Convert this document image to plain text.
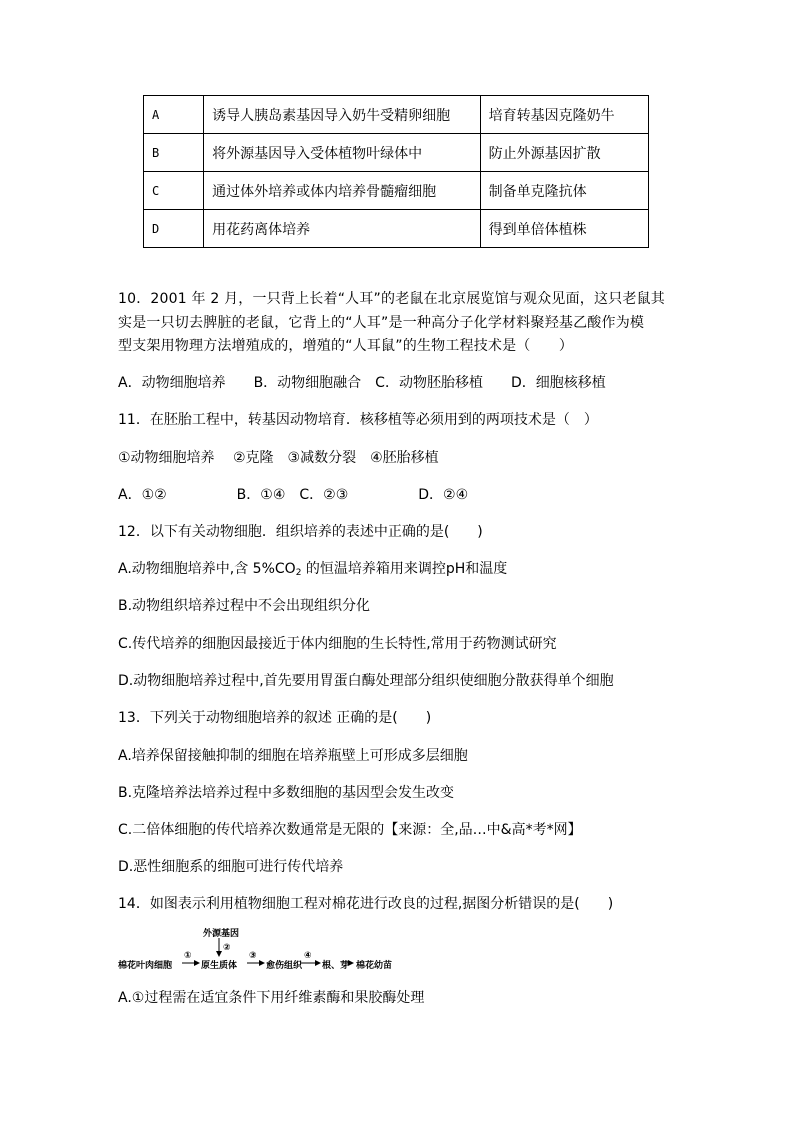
A	诱导人胰岛素基因导入奶牛受精卵细胞	培育转基因克隆奶牛
B	将外源基因导入受体植物叶绿体中	防止外源基因扩散
C	通过体外培养或体内培养骨髓瘤细胞	制备单克隆抗体
D	用花药离体培养	得到单倍体植株
10．2001 年 2 月，一只背上长着“人耳”的老鼠在北京展览馆与观众见面，这只老鼠其
实是一只切去脾脏的老鼠，它背上的“人耳”是一种高分子化学材料聚羟基乙酸作为模
型支架用物理方法增殖成的，增殖的“人耳鼠”的生物工程技术是（　　）
A．动物细胞培养　　B．动物细胞融合　C．动物胚胎移植　　D．细胞核移植
11．在胚胎工程中，转基因动物培育．核移植等必须用到的两项技术是（　）
①动物细胞培养　 ②克隆　③减数分裂　④胚胎移植
A．①②　　　　　B．①④　C．②③　　　　　D．②④
12．以下有关动物细胞．组织培养的表述中正确的是(　　)
A.动物细胞培养中,含 $5\%CO_2$ 的恒温培养箱用来调控pH和温度
B.动物组织培养过程中不会出现组织分化
C.传代培养的细胞因最接近于体内细胞的生长特性,常用于药物测试研究
D.动物细胞培养过程中,首先要用胃蛋白酶处理部分组织使细胞分散获得单个细胞
13．下列关于动物细胞培养的叙述 正确的是(　　)
A.培养保留接触抑制的细胞在培养瓶壁上可形成多层细胞
B.克隆培养法培养过程中多数细胞的基因型会发生改变
C.二倍体细胞的传代培养次数通常是无限的【来源：全,品…中&高*考*网】
D.恶性细胞系的细胞可进行传代培养
14．如图表示利用植物细胞工程对棉花进行改良的过程,据图分析错误的是(　　)
外源基因
②
棉花叶肉细胞
①
原生质体
③
愈伤组织
④
根、芽 棉花幼苗
A.①过程需在适宜条件下用纤维素酶和果胶酶处理
